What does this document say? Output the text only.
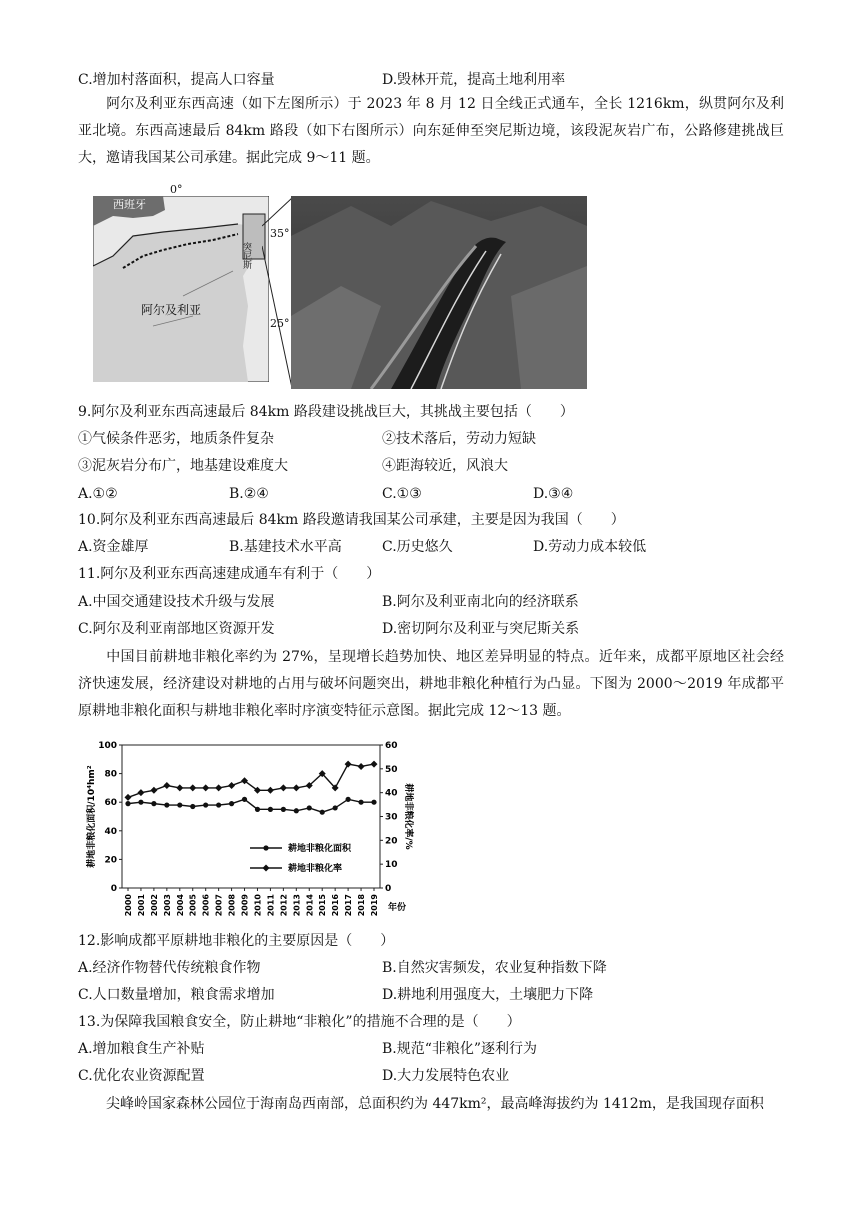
C.增加村落面积，提高人口容量	D.毁林开荒，提高土地利用率
阿尔及利亚东西高速（如下左图所示）于 2023 年 8 月 12 日全线正式通车，全长 1216km，纵贯阿尔及利亚北境。东西高速最后 84km 路段（如下右图所示）向东延伸至突尼斯边境，该段泥灰岩广布，公路修建挑战巨大，邀请我国某公司承建。据此完成 9～11 题。
西班牙
阿尔及利亚
突尼斯
0°
35°
25°
9.阿尔及利亚东西高速最后 84km 路段建设挑战巨大，其挑战主要包括（　　）
①气候条件恶劣，地质条件复杂	②技术落后，劳动力短缺
③泥灰岩分布广，地基建设难度大	④距海较近，风浪大
A.①②	B.②④	C.①③	D.③④
10.阿尔及利亚东西高速最后 84km 路段邀请我国某公司承建，主要是因为我国（　　）
A.资金雄厚	B.基建技术水平高	C.历史悠久	D.劳动力成本较低
11.阿尔及利亚东西高速建成通车有利于（　　）
A.中国交通建设技术升级与发展	B.阿尔及利亚南北向的经济联系
C.阿尔及利亚南部地区资源开发	D.密切阿尔及利亚与突尼斯关系
中国目前耕地非粮化率约为 27%，呈现增长趋势加快、地区差异明显的特点。近年来，成都平原地区社会经济快速发展，经济建设对耕地的占用与破坏问题突出，耕地非粮化种植行为凸显。下图为 2000～2019 年成都平原耕地非粮化面积与耕地非粮化率时序演变特征示意图。据此完成 12～13 题。
0
20
40
60
80
100
0
10
20
30
40
50
60
2000 2001 2002 2003 2004 2005 2006 2007 2008 2009 2010 2011 2012 2013 2014 2015 2016 2017 2018 2019 年份
耕地非粮化面积/10⁴hm²	耕地非粮化率/%
耕地非粮化面积
耕地非粮化率
12.影响成都平原耕地非粮化的主要原因是（　　）
A.经济作物替代传统粮食作物	B.自然灾害频发，农业复种指数下降
C.人口数量增加，粮食需求增加	D.耕地利用强度大，土壤肥力下降
13.为保障我国粮食安全，防止耕地“非粮化”的措施不合理的是（　　）
A.增加粮食生产补贴	B.规范“非粮化”逐利行为
C.优化农业资源配置	D.大力发展特色农业
尖峰岭国家森林公园位于海南岛西南部，总面积约为 447km²，最高峰海拔约为 1412m，是我国现存面积
